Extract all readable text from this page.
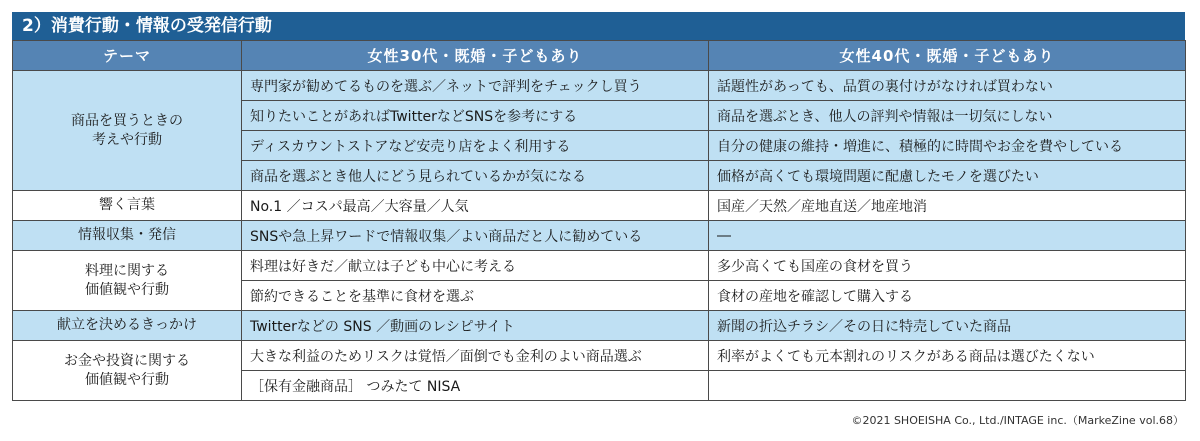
2）消費行動・情報の受発信行動
テーマ	女性30代・既婚・子どもあり	女性40代・既婚・子どもあり

商品を買うときの
考えや行動	専門家が勧めてるものを選ぶ／ネットで評判をチェックし買う	話題性があっても、品質の裏付けがなければ買わない
	知りたいことがあればTwitterなどSNSを参考にする	商品を選ぶとき、他人の評判や情報は一切気にしない
	ディスカウントストアなど安売り店をよく利用する	自分の健康の維持・増進に、積極的に時間やお金を費やしている
	商品を選ぶとき他人にどう見られているかが気になる	価格が高くても環境問題に配慮したモノを選びたい

響く言葉	No.1 ／コスパ最高／大容量／人気	国産／天然／産地直送／地産地消

情報収集・発信	SNSや急上昇ワードで情報収集／よい商品だと人に勧めている	―

料理に関する
価値観や行動	料理は好きだ／献立は子ども中心に考える	多少高くても国産の食材を買う
	節約できることを基準に食材を選ぶ	食材の産地を確認して購入する

献立を決めるきっかけ	Twitterなどの SNS ／動画のレシピサイト	新聞の折込チラシ／その日に特売していた商品

お金や投資に関する
価値観や行動	大きな利益のためリスクは覚悟／面倒でも金利のよい商品選ぶ	利率がよくても元本割れのリスクがある商品は選びたくない
	［保有金融商品］ つみたて NISA	
©2021 SHOEISHA Co., Ltd./INTAGE inc.（MarkeZine vol.68）
